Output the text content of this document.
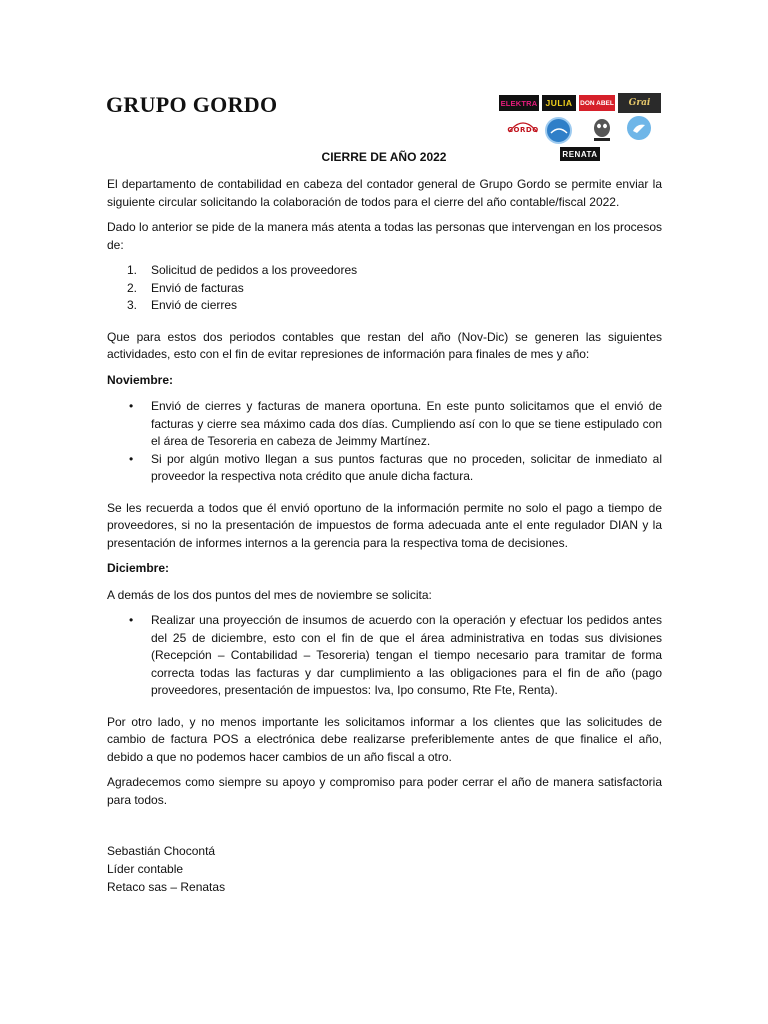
GRUPO GORDO	ELEKTRA JULIA	DON ABEL	Grai
GORDO
RENATA
CIERRE DE AÑO 2022

El departamento de contabilidad en cabeza del contador general de Grupo Gordo se permite enviar la siguiente circular solicitando la colaboración de todos para el cierre del año contable/fiscal 2022.

Dado lo anterior se pide de la manera más atenta a todas las personas que intervengan en los procesos de:

1. Solicitud de pedidos a los proveedores
2. Envió de facturas
3. Envió de cierres

Que para estos dos periodos contables que restan del año (Nov-Dic) se generen las siguientes actividades, esto con el fin de evitar represiones de información para finales de mes y año:

Noviembre:

• Envió de cierres y facturas de manera oportuna. En este punto solicitamos que el envió de facturas y cierre sea máximo cada dos días. Cumpliendo así con lo que se tiene estipulado con el área de Tesoreria en cabeza de Jeimmy Martínez.
• Si por algún motivo llegan a sus puntos facturas que no proceden, solicitar de inmediato al proveedor la respectiva nota crédito que anule dicha factura.

Se les recuerda a todos que él envió oportuno de la información permite no solo el pago a tiempo de proveedores, si no la presentación de impuestos de forma adecuada ante el ente regulador DIAN y la presentación de informes internos a la gerencia para la respectiva toma de decisiones.

Diciembre:

A demás de los dos puntos del mes de noviembre se solicita:

• Realizar una proyección de insumos de acuerdo con la operación y efectuar los pedidos antes del 25 de diciembre, esto con el fin de que el área administrativa en todas sus divisiones (Recepción – Contabilidad – Tesoreria) tengan el tiempo necesario para tramitar de forma correcta todas las facturas y dar cumplimiento a las obligaciones para el fin de año (pago proveedores, presentación de impuestos: Iva, Ipo consumo, Rte Fte, Renta).

Por otro lado, y no menos importante les solicitamos informar a los clientes que las solicitudes de cambio de factura POS a electrónica debe realizarse preferiblemente antes de que finalice el año, debido a que no podemos hacer cambios de un año fiscal a otro.

Agradecemos como siempre su apoyo y compromiso para poder cerrar el año de manera satisfactoria para todos.

Sebastián Chocontá
Líder contable
Retaco sas – Renatas
